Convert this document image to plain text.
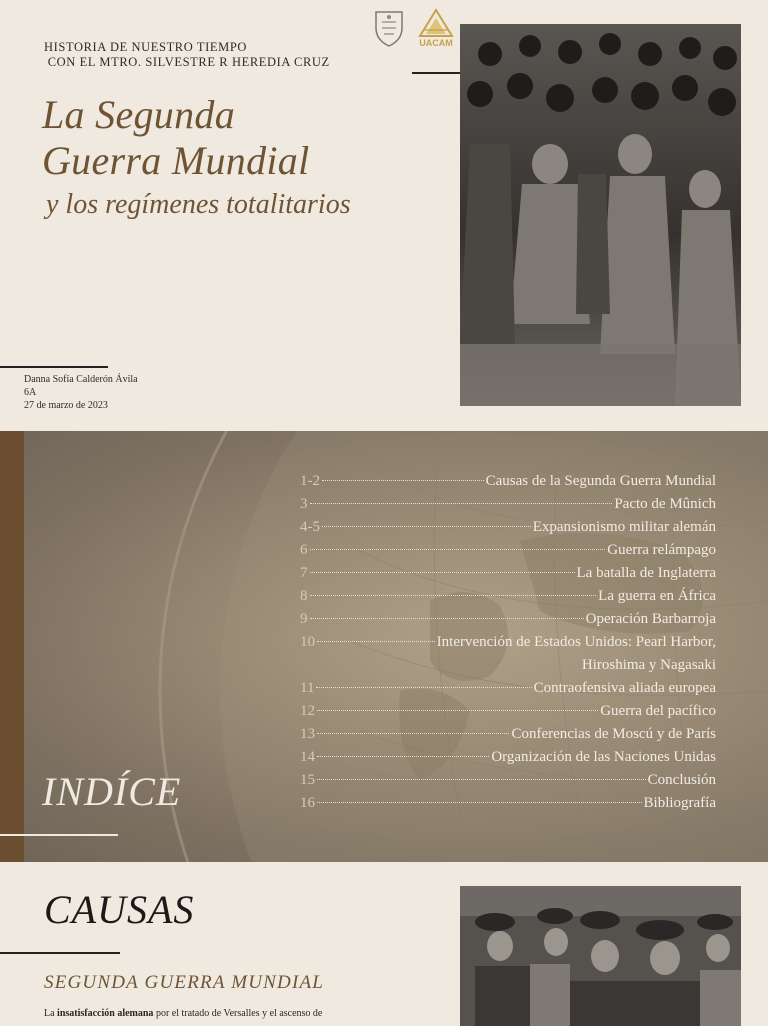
HISTORIA DE NUESTRO TIEMPO
CON EL MTRO. SILVESTRE R HEREDIA CRUZ
UACAM
La Segunda
Guerra Mundial
y los regímenes totalitarios
Danna Sofía Calderón Ávila
6A
27 de marzo de 2023
1-2	Causas de la Segunda Guerra Mundial
3	Pacto de Mûnich
4-5	Expansionismo militar alemán
6	Guerra relámpago
7	La batalla de Inglaterra
8	La guerra en África
9	Operación Barbarroja
10	Intervención de Estados Unidos: Pearl Harbor,
Hiroshima y Nagasaki
11	Contraofensiva aliada europea
12	Guerra del pacífico
13	Conferencias de Moscú y de París
14	Organización de las Naciones Unidas
15	Conclusión
16	Bibliografía
INDÍCE
CAUSAS
SEGUNDA GUERRA MUNDIAL
La insatisfacción alemana por el tratado de Versalles y el ascenso de
